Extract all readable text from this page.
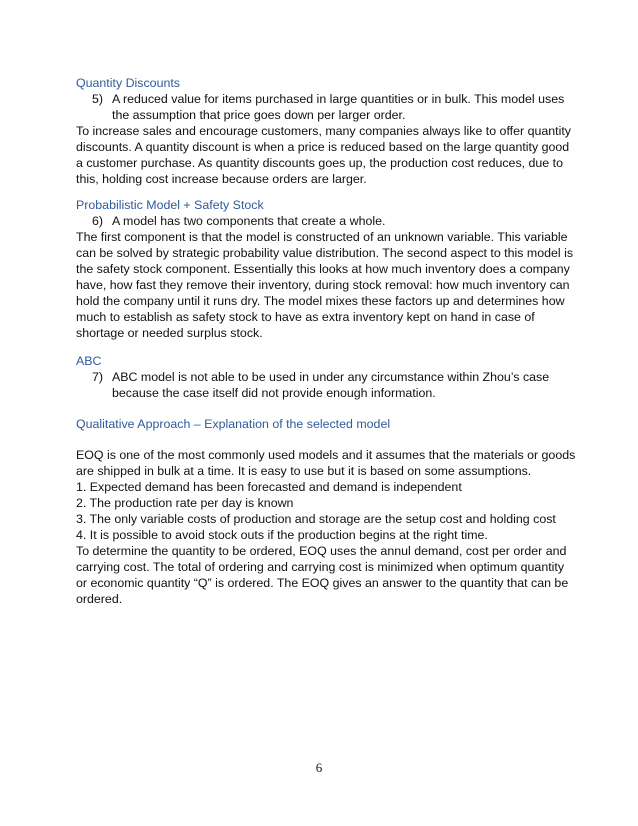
Quantity Discounts

5) A reduced value for items purchased in large quantities or in bulk. This model uses the assumption that price goes down per larger order.

To increase sales and encourage customers, many companies always like to offer quantity discounts. A quantity discount is when a price is reduced based on the large quantity good a customer purchase. As quantity discounts goes up, the production cost reduces, due to this, holding cost increase because orders are larger.

Probabilistic Model + Safety Stock

6) A model has two components that create a whole.

The first component is that the model is constructed of an unknown variable. This variable can be solved by strategic probability value distribution. The second aspect to this model is the safety stock component. Essentially this looks at how much inventory does a company have, how fast they remove their inventory, during stock removal: how much inventory can hold the company until it runs dry. The model mixes these factors up and determines how much to establish as safety stock to have as extra inventory kept on hand in case of shortage or needed surplus stock.

ABC

7) ABC model is not able to be used in under any circumstance within Zhou’s case because the case itself did not provide enough information.

Qualitative Approach – Explanation of the selected model

EOQ is one of the most commonly used models and it assumes that the materials or goods are shipped in bulk at a time. It is easy to use but it is based on some assumptions.

1. Expected demand has been forecasted and demand is independent

2. The production rate per day is known

3. The only variable costs of production and storage are the setup cost and holding cost

4. It is possible to avoid stock outs if the production begins at the right time.

To determine the quantity to be ordered, EOQ uses the annul demand, cost per order and carrying cost. The total of ordering and carrying cost is minimized when optimum quantity or economic quantity “Q” is ordered. The EOQ gives an answer to the quantity that can be ordered.

6
